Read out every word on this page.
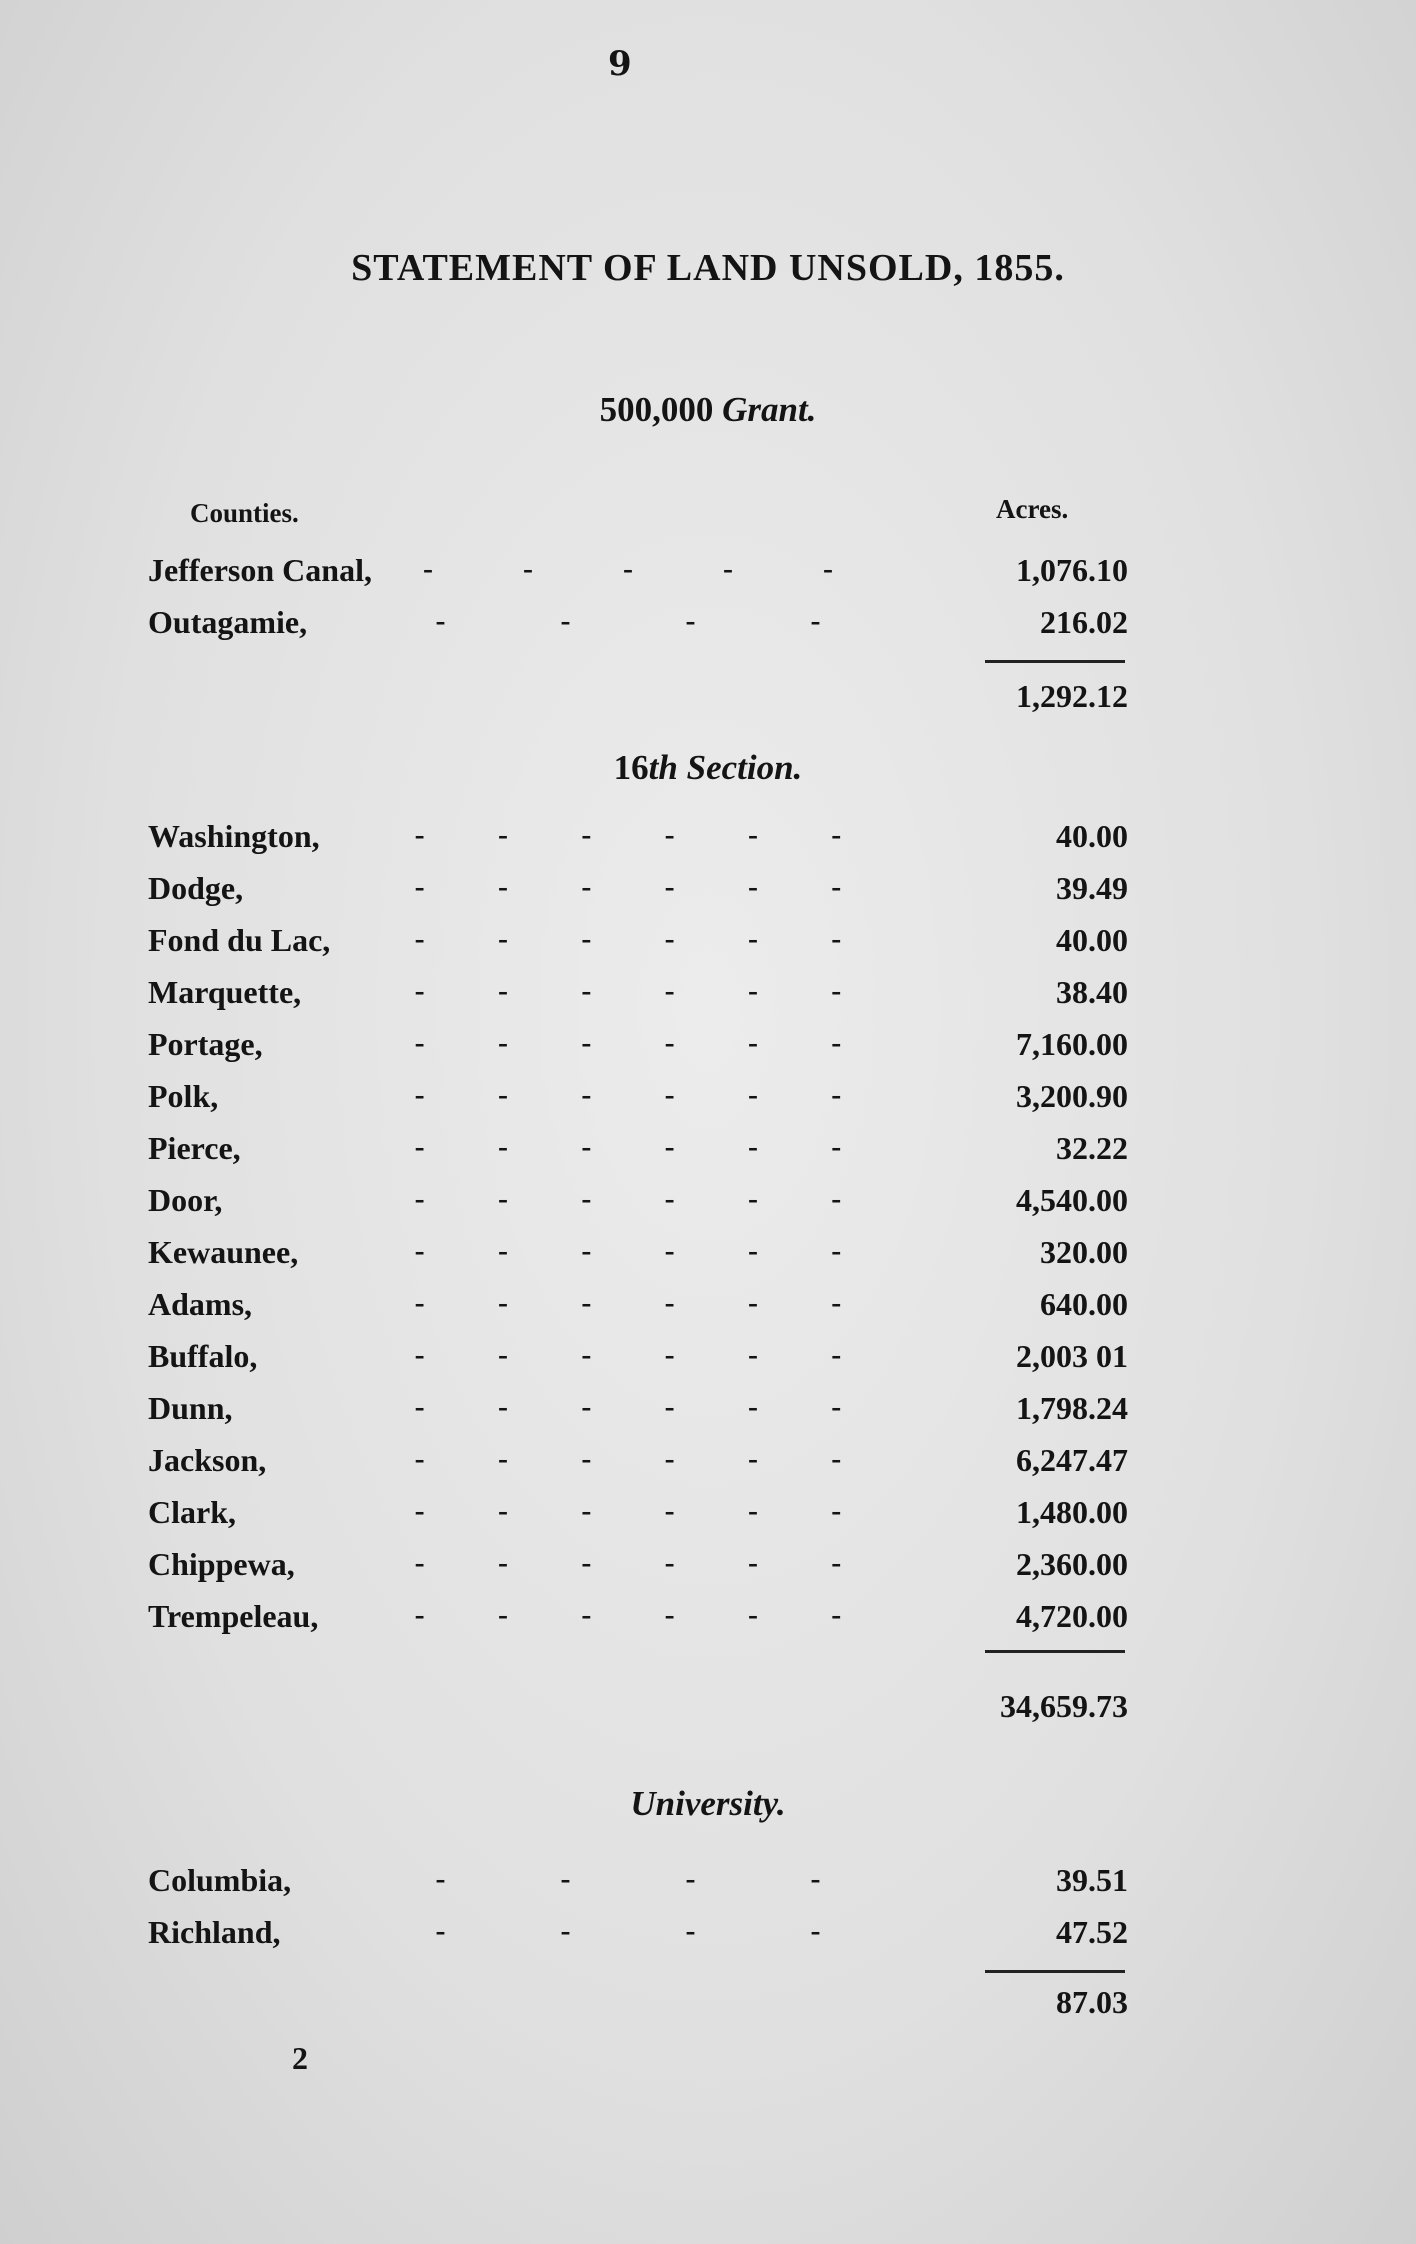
9
STATEMENT OF LAND UNSOLD, 1855.
500,000 Grant.
Counties.	Acres.
Jefferson Canal, -	-	-	-	-	1,076.10
Outagamie,	-	-	-	-	216.02
1,292.12
16th Section.
Washington,	- - - - - -	40.00
Dodge,	- - - - - -	39.49
Fond du Lac,	- - - - - -	40.00
Marquette,	- - - - - -	38.40
Portage,	- - - - - -	7,160.00
Polk,	- - - - - -	3,200.90
Pierce,	- - - - - -	32.22
Door,	- - - - - -	4,540.00
Kewaunee,	- - - - - -	320.00
Adams,	- - - - - -	640.00
Buffalo,	- - - - - -	2,003 01
Dunn,	- - - - - -	1,798.24
Jackson,	- - - - - -	6,247.47
Clark,	- - - - - -	1,480.00
Chippewa,	- - - - - -	2,360.00
Trempeleau,	- - - - - -	4,720.00
34,659.73
University.
Columbia,	-	-	-	-	39.51
Richland,	-	-	-	-	47.52
87.03
2
